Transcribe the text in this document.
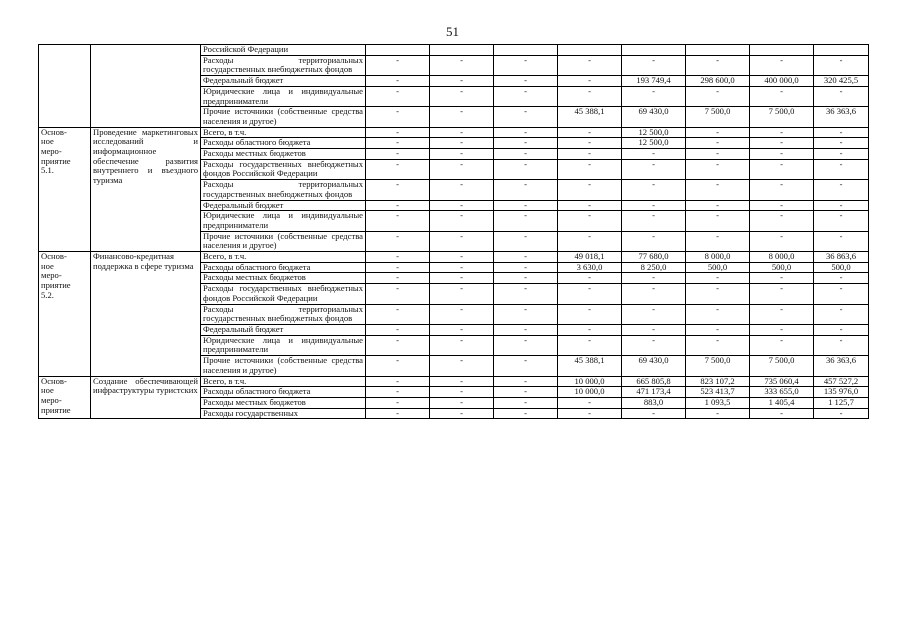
51
		Российской Федерации								
		Расходы территориальных государственных внебюджетных фондов	-	-	-	-	-	-	-	-
		Федеральный бюджет	-	-	-	-	193 749,4	298 600,0	400 000,0	320 425,5
		Юридические лица и индивидуальные предприниматели	-	-	-	-	-	-	-	-
		Прочие источники (собственные средства населения и другое)	-	-	-	45 388,1	69 430,0	7 500,0	7 500,0	36 363,6
Основ-
ное
меро-
приятие
5.1.	Проведение маркетинговых исследований и информационное обеспечение развития внутреннего и въездного туризма	Всего, в т.ч.	-	-	-	-	12 500,0	-	-	-
		Расходы областного бюджета	-	-	-	-	12 500,0	-	-	-
		Расходы местных бюджетов	-	-	-	-	-	-	-	-
		Расходы государственных внебюджетных фондов Российской Федерации	-	-	-	-	-	-	-	-
		Расходы территориальных государственных внебюджетных фондов	-	-	-	-	-	-	-	-
		Федеральный бюджет	-	-	-	-	-	-	-	-
		Юридические лица и индивидуальные предприниматели	-	-	-	-	-	-	-	-
		Прочие источники (собственные средства населения и другое)	-	-	-	-	-	-	-	-
Основ-
ное
меро-
приятие
5.2.	Финансово-кредитная поддержка в сфере туризма	Всего, в т.ч.	-	-	-	49 018,1	77 680,0	8 000,0	8 000,0	36 863,6
		Расходы областного бюджета	-	-	-	3 630,0	8 250,0	500,0	500,0	500,0
		Расходы местных бюджетов	-	-	-	-	-	-	-	-
		Расходы государственных внебюджетных фондов Российской Федерации	-	-	-	-	-	-	-	-
		Расходы территориальных государственных внебюджетных фондов	-	-	-	-	-	-	-	-
		Федеральный бюджет	-	-	-	-	-	-	-	-
		Юридические лица и индивидуальные предприниматели	-	-	-	-	-	-	-	-
		Прочие источники (собственные средства населения и другое)	-	-	-	45 388,1	69 430,0	7 500,0	7 500,0	36 363,6
Основ-
ное
меро-
приятие	Создание обеспечивающей инфраструктуры туристских	Всего, в т.ч.	-	-	-	10 000,0	665 805,8	823 107,2	735 060,4	457 527,2
		Расходы областного бюджета	-	-	-	10 000,0	471 173,4	523 413,7	333 655,0	135 976,0
		Расходы местных бюджетов	-	-	-	-	883,0	1 093,5	1 405,4	1 125,7
		Расходы государственных	-	-	-	-	-	-	-	-
